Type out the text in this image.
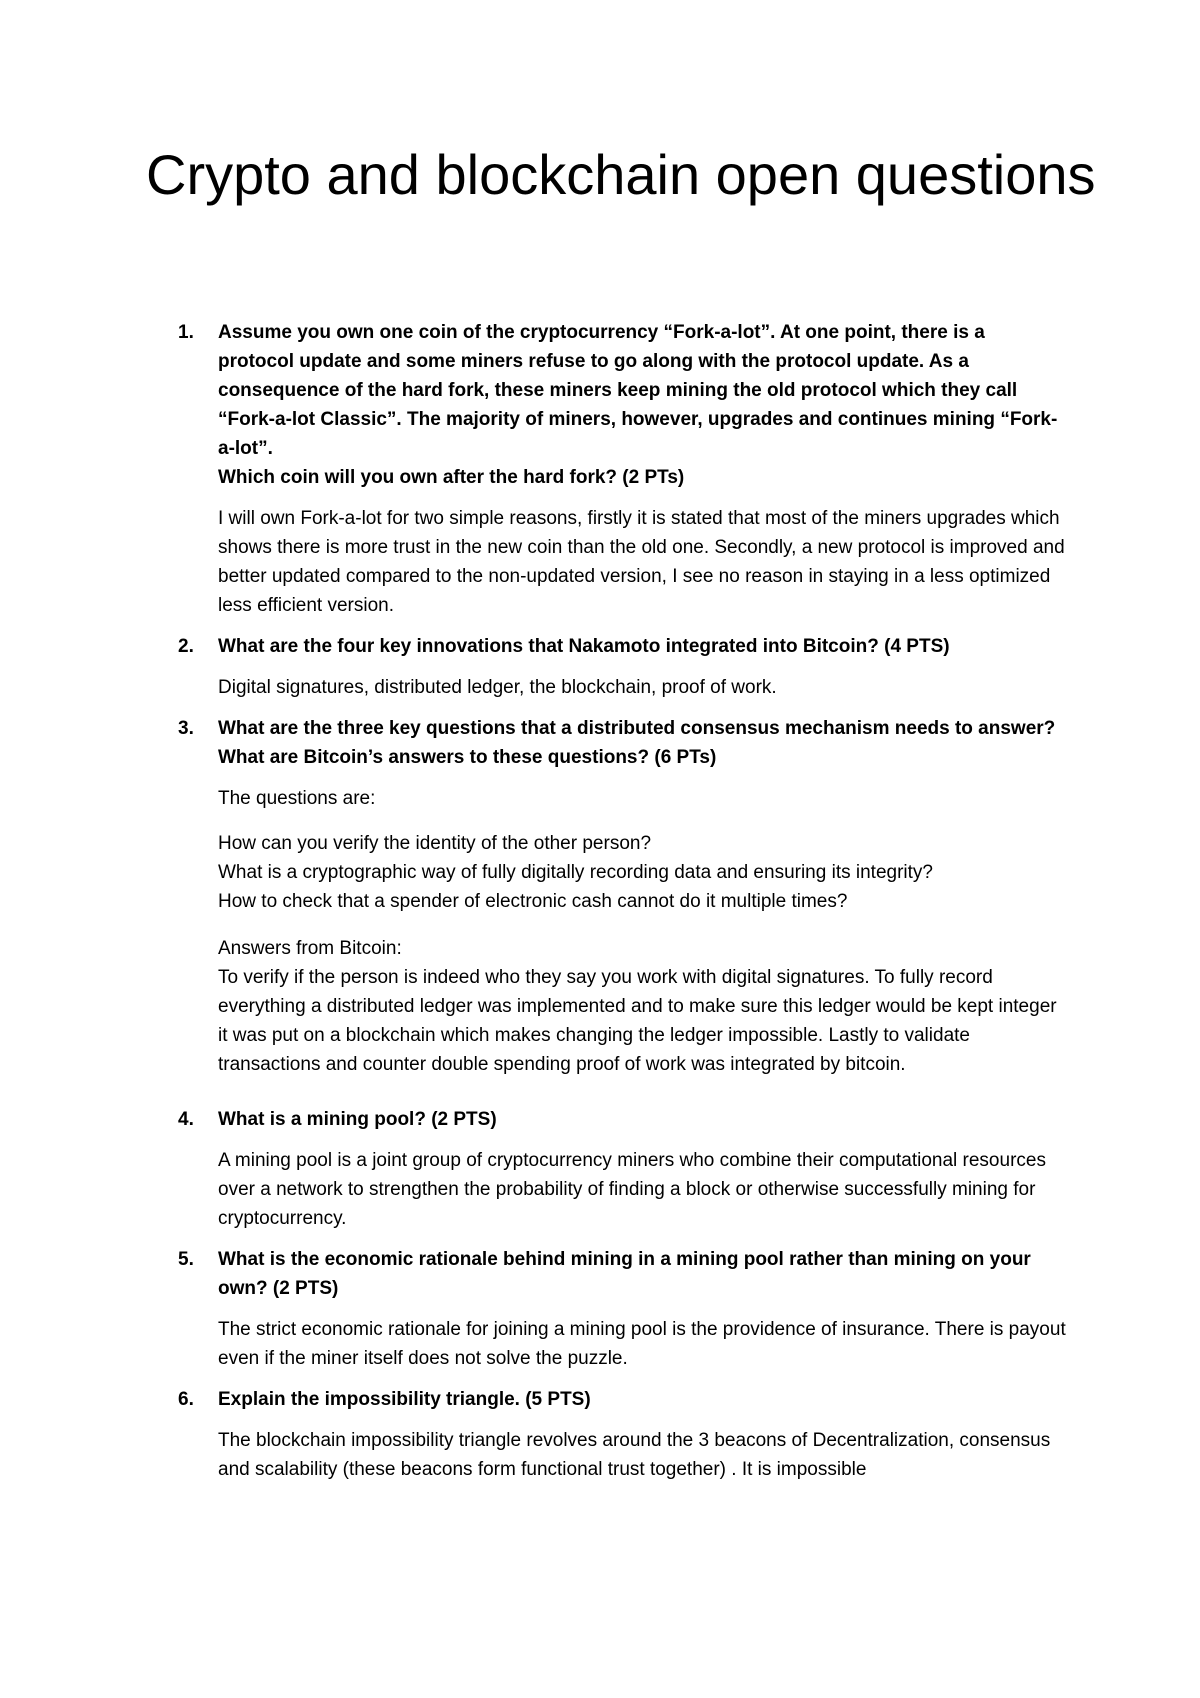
Crypto and blockchain open questions
1. Assume you own one coin of the cryptocurrency “Fork-a-lot”. At one point, there is a protocol update and some miners refuse to go along with the protocol update. As a consequence of the hard fork, these miners keep mining the old protocol which they call “Fork-a-lot Classic”. The majority of miners, however, upgrades and continues mining “Fork-a-lot”.
Which coin will you own after the hard fork? (2 PTs)

I will own Fork-a-lot for two simple reasons, firstly it is stated that most of the miners upgrades which shows there is more trust in the new coin than the old one. Secondly, a new protocol is improved and better updated compared to the non-updated version, I see no reason in staying in a less optimized less efficient version.

2. What are the four key innovations that Nakamoto integrated into Bitcoin? (4 PTS)

Digital signatures, distributed ledger, the blockchain, proof of work.

3. What are the three key questions that a distributed consensus mechanism needs to answer? What are Bitcoin’s answers to these questions? (6 PTs)

The questions are:
How can you verify the identity of the other person?
What is a cryptographic way of fully digitally recording data and ensuring its integrity?
How to check that a spender of electronic cash cannot do it multiple times?
Answers from Bitcoin:
To verify if the person is indeed who they say you work with digital signatures. To fully record everything a distributed ledger was implemented and to make sure this ledger would be kept integer it was put on a blockchain which makes changing the ledger impossible. Lastly to validate transactions and counter double spending proof of work was integrated by bitcoin.
4. What is a mining pool? (2 PTS)

A mining pool is a joint group of cryptocurrency miners who combine their computational resources over a network to strengthen the probability of finding a block or otherwise successfully mining for cryptocurrency.

5. What is the economic rationale behind mining in a mining pool rather than mining on your own? (2 PTS)

The strict economic rationale for joining a mining pool is the providence of insurance. There is payout even if the miner itself does not solve the puzzle.

6. Explain the impossibility triangle. (5 PTS)

The blockchain impossibility triangle revolves around the 3 beacons of Decentralization, consensus and scalability (these beacons form functional trust together) . It is impossible
